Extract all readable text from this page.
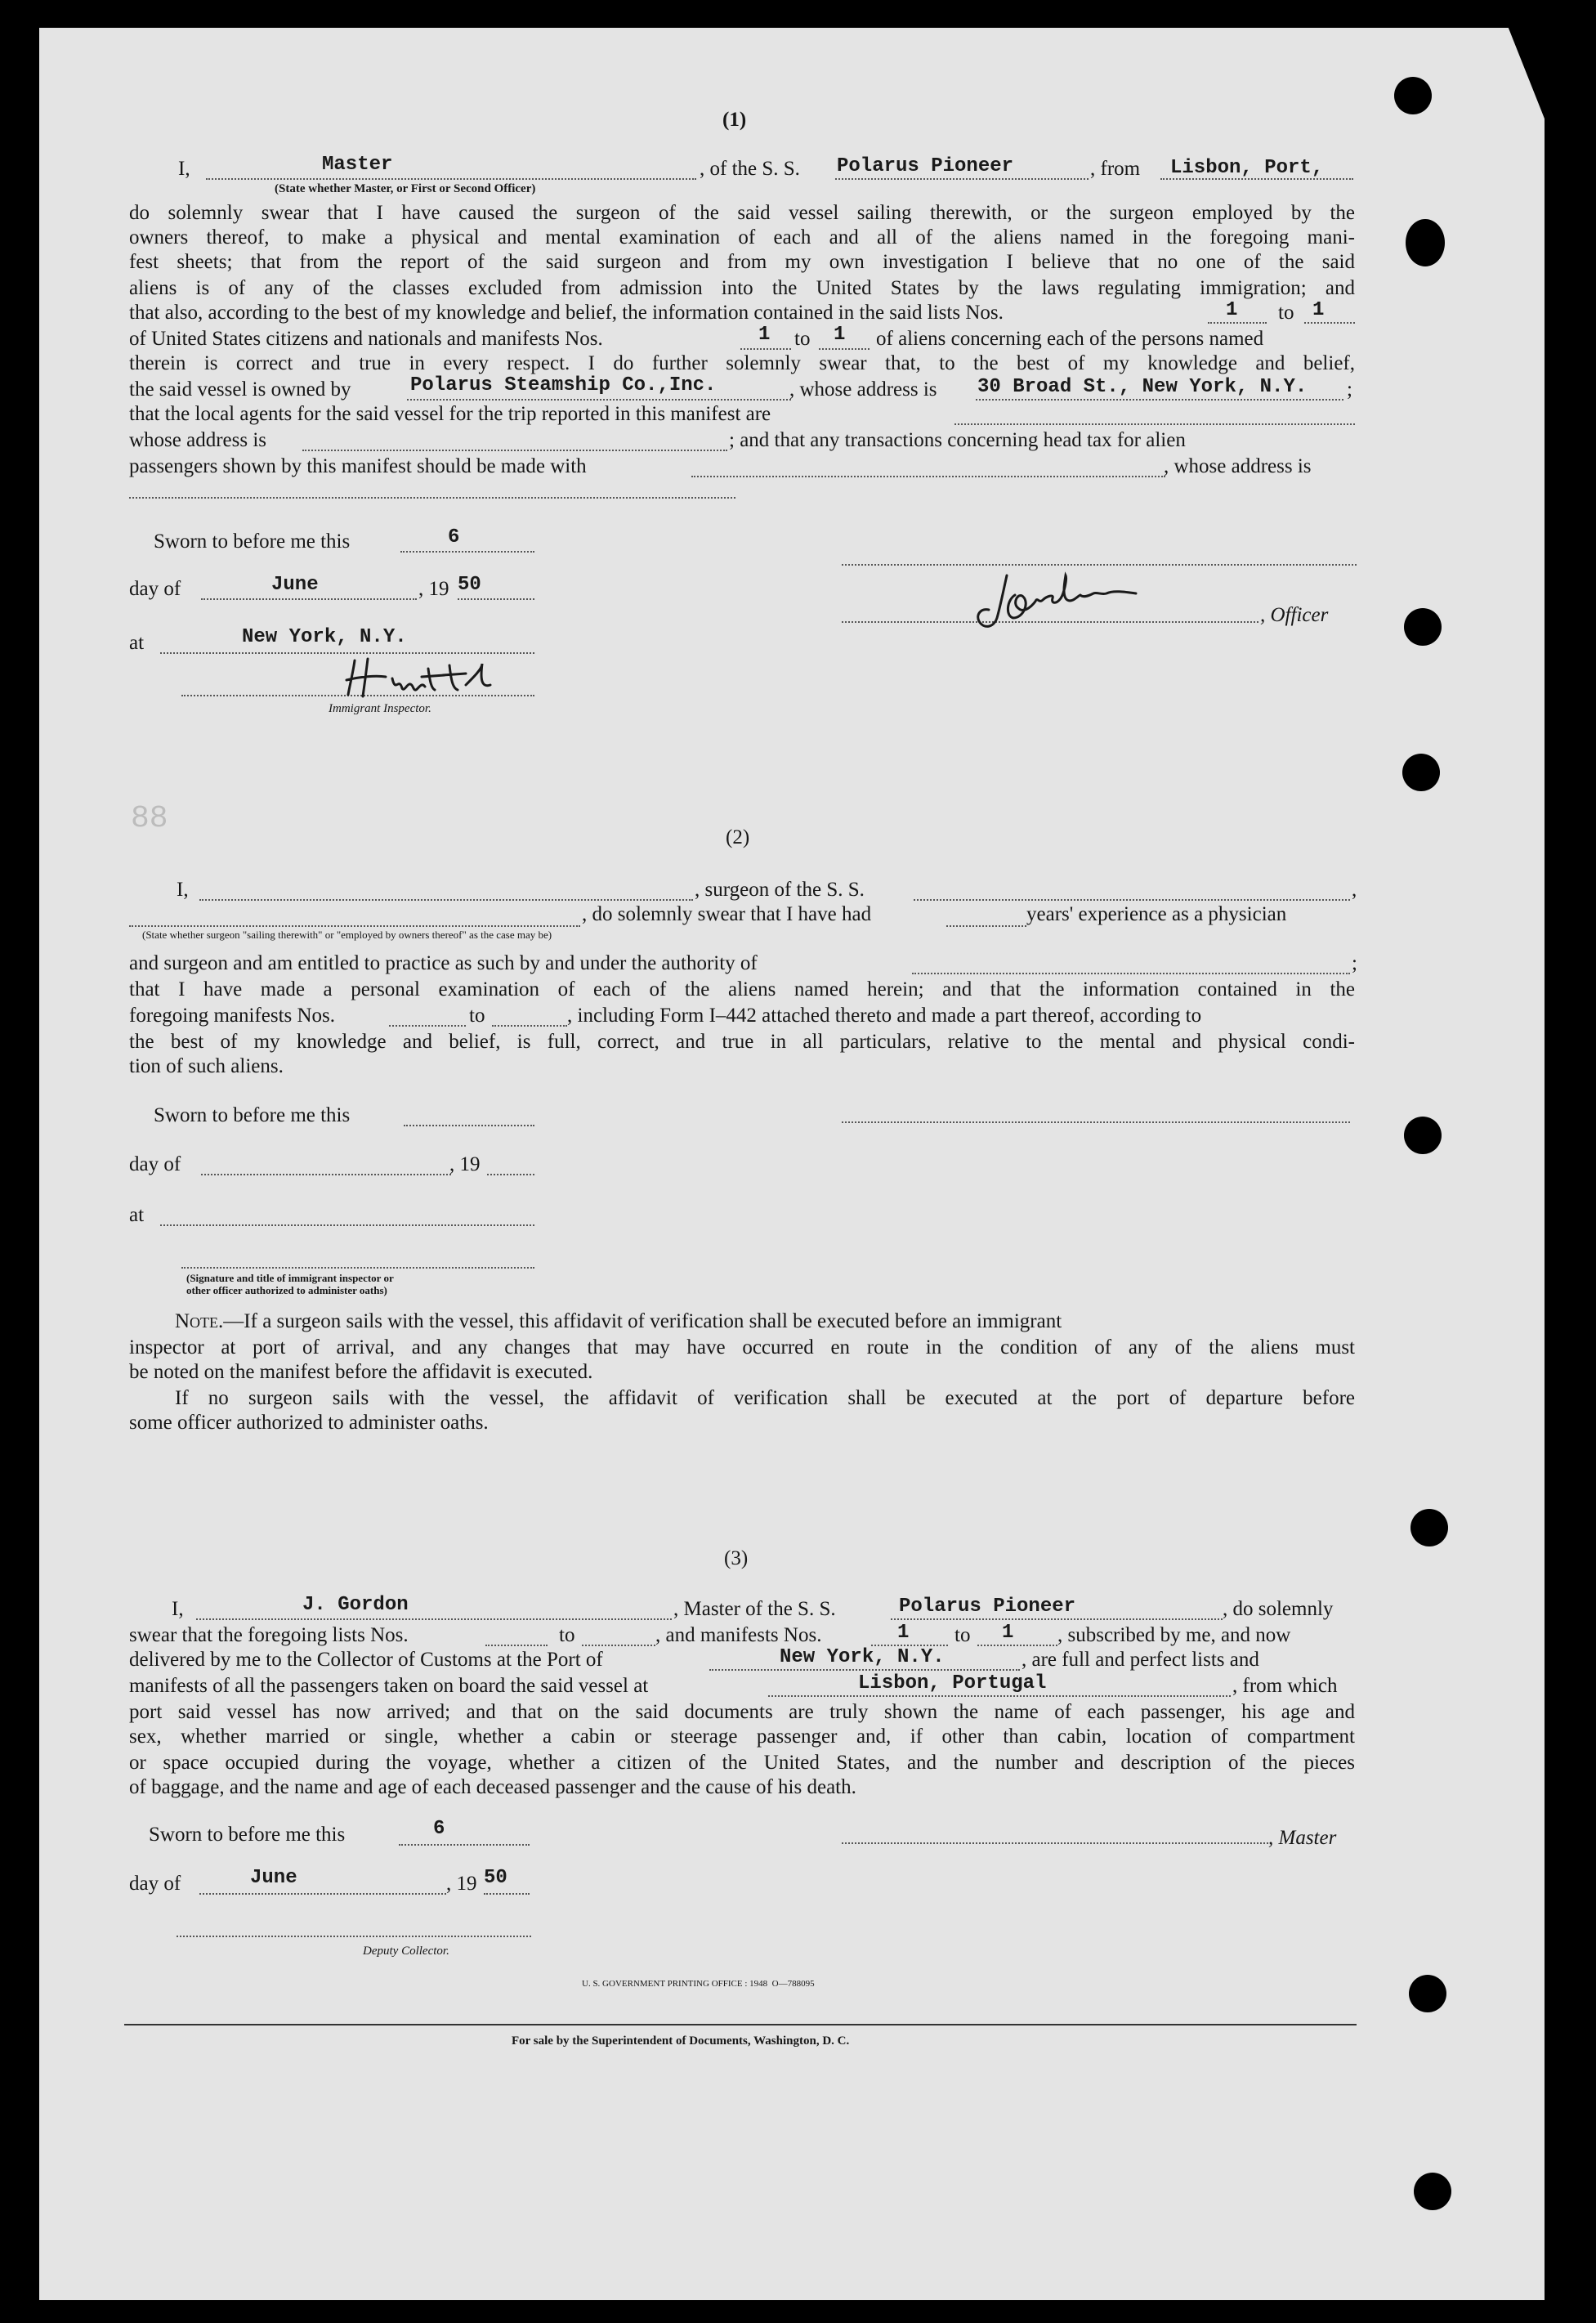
88
(1)
I,	Master	, of the S. S. Polarus Pioneer	, from Lisbon, Port,
(State whether Master, or First or Second Officer)
do solemnly swear that I have caused the surgeon of the said vessel sailing therewith, or the surgeon employed by the
owners thereof, to make a physical and mental examination of each and all of the aliens named in the foregoing mani-
fest sheets; that from the report of the said surgeon and from my own investigation I believe that no one of the said
aliens is of any of the classes excluded from admission into the United States by the laws regulating immigration; and
that also, according to the best of my knowledge and belief, the information contained in the said lists Nos.	1 to 1
of United States citizens and nationals and manifests Nos.	1 to 1 of aliens concerning each of the persons named
therein is correct and true in every respect. I do further solemnly swear that, to the best of my knowledge and belief,
the said vessel is owned by	Polarus Steamship Co.,Inc.	, whose address is 30 Broad St., New York, N.Y. ;
that the local agents for the said vessel for the trip reported in this manifest are
whose address is	; and that any transactions concerning head tax for alien
passengers shown by this manifest should be made with	, whose address is
Sworn to before me this	6
day of	June	, 19 50
at	New York, N.Y.
Immigrant Inspector.
, Officer
(2)
I,	, surgeon of the S. S.	,
, do solemnly swear that I have had	years' experience as a physician
(State whether surgeon "sailing therewith" or "employed by owners thereof" as the case may be)
and surgeon and am entitled to practice as such by and under the authority of	;
that I have made a personal examination of each of the aliens named herein; and that the information contained in the
foregoing manifests Nos.	to	, including Form I–442 attached thereto and made a part thereof, according to
the best of my knowledge and belief, is full, correct, and true in all particulars, relative to the mental and physical condi-
tion of such aliens.
Sworn to before me this
day of	, 19
at
(Signature and title of immigrant inspector or
other officer authorized to administer oaths)
Note.—If a surgeon sails with the vessel, this affidavit of verification shall be executed before an immigrant
inspector at port of arrival, and any changes that may have occurred en route in the condition of any of the aliens must
be noted on the manifest before the affidavit is executed.
If no surgeon sails with the vessel, the affidavit of verification shall be executed at the port of departure before
some officer authorized to administer oaths.
(3)
I,	J. Gordon	, Master of the S. S.	Polarus Pioneer	, do solemnly
swear that the foregoing lists Nos.	to	, and manifests Nos.	1 to 1 , subscribed by me, and now
delivered by me to the Collector of Customs at the Port of	New York, N.Y.	, are full and perfect lists and
manifests of all the passengers taken on board the said vessel at	Lisbon, Portugal	, from which
port said vessel has now arrived; and that on the said documents are truly shown the name of each passenger, his age and
sex, whether married or single, whether a cabin or steerage passenger and, if other than cabin, location of compartment
or space occupied during the voyage, whether a citizen of the United States, and the number and description of the pieces
of baggage, and the name and age of each deceased passenger and the cause of his death.
Sworn to before me this	6	, Master
day of	June	, 19 50
Deputy Collector.
U. S. GOVERNMENT PRINTING OFFICE : 1948  O—788095
For sale by the Superintendent of Documents, Washington, D. C.
